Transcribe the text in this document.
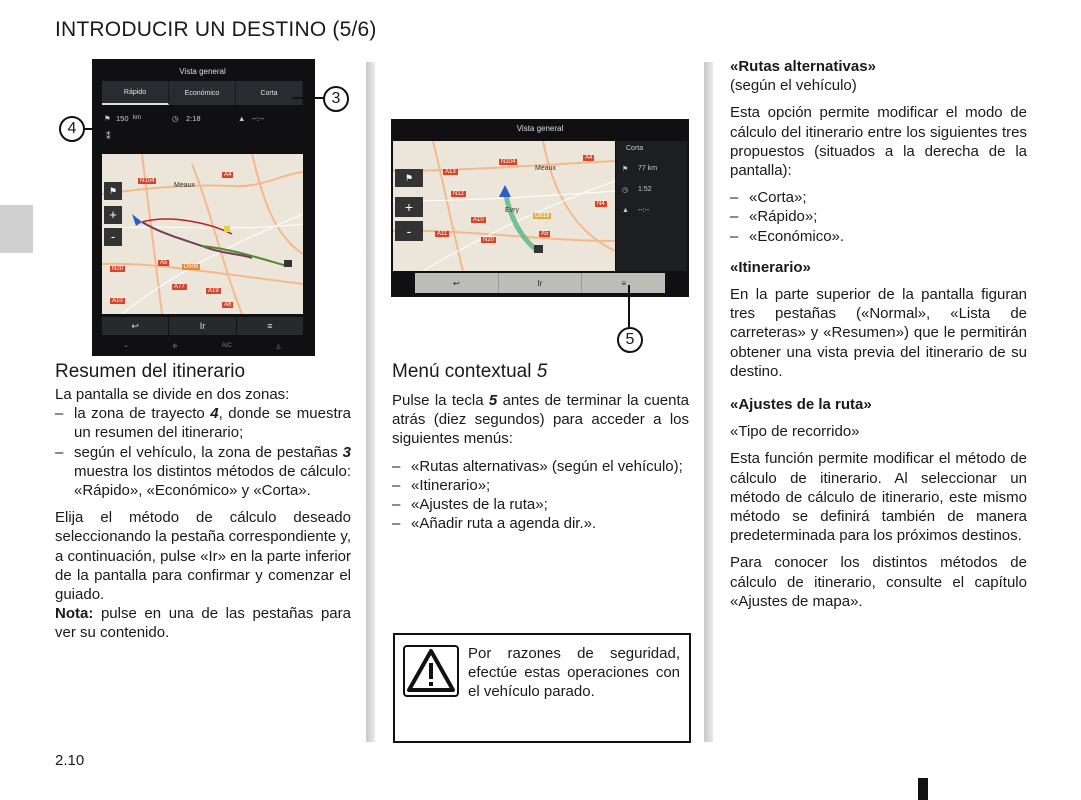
INTRODUCIR UN DESTINO (5/6)
Vista general
Rápido	Económico	Corta
⚑ 150 km	◷ 2:18	▲ --:--
⁑
N104
Meaux
A4
N20	D606
A77
A19
A5
A6
A10
+
-
⚑
↩	Ir	≡
⌁	✣	A/C	◬
4
3
Vista general
N104
A4
Meaux
A13
N12
A10
Evry
D619
A5
A11
N20
N4
⚑
+
-
Corta
⚑ 77 km
◷ 1:52
▲ --:--
↩	Ir	≡
5
Resumen del itinerario

La pantalla se divide en dos zonas:

– la zona de trayecto 4, donde se muestra un resumen del itinerario;
– según el vehículo, la zona de pestañas 3 muestra los distintos métodos de cálculo: «Rápido», «Económico» y «Corta».

Elija el método de cálculo deseado seleccionando la pestaña correspondiente y, a continuación, pulse «Ir» en la parte inferior de la pantalla para confirmar y comenzar el guiado.

Nota: pulse en una de las pestañas para ver su contenido.

Menú contextual 5

Pulse la tecla 5 antes de terminar la cuenta atrás (diez segundos) para acceder a los siguientes menús:

– «Rutas alternativas» (según el vehículo);
– «Itinerario»;
– «Ajustes de la ruta»;
– «Añadir ruta a agenda dir.».
Por razones de seguridad, efectúe estas operaciones con el vehículo parado.

«Rutas alternativas»

(según el vehículo)

Esta opción permite modificar el modo de cálculo del itinerario entre los siguientes tres propuestos (situados a la derecha de la pantalla):

– «Corta»;
– «Rápido»;
– «Económico».

«Itinerario»

En la parte superior de la pantalla figuran tres pestañas («Normal», «Lista de carreteras» y «Resumen») que le permitirán obtener una vista previa del itinerario de su destino.

«Ajustes de la ruta»

«Tipo de recorrido»

Esta función permite modificar el método de cálculo de itinerario. Al seleccionar un método de cálculo de itinerario, este mismo método se definirá también de manera predeterminada para los próximos destinos.

Para conocer los distintos métodos de cálculo de itinerario, consulte el capítulo «Ajustes de mapa».

2.10
